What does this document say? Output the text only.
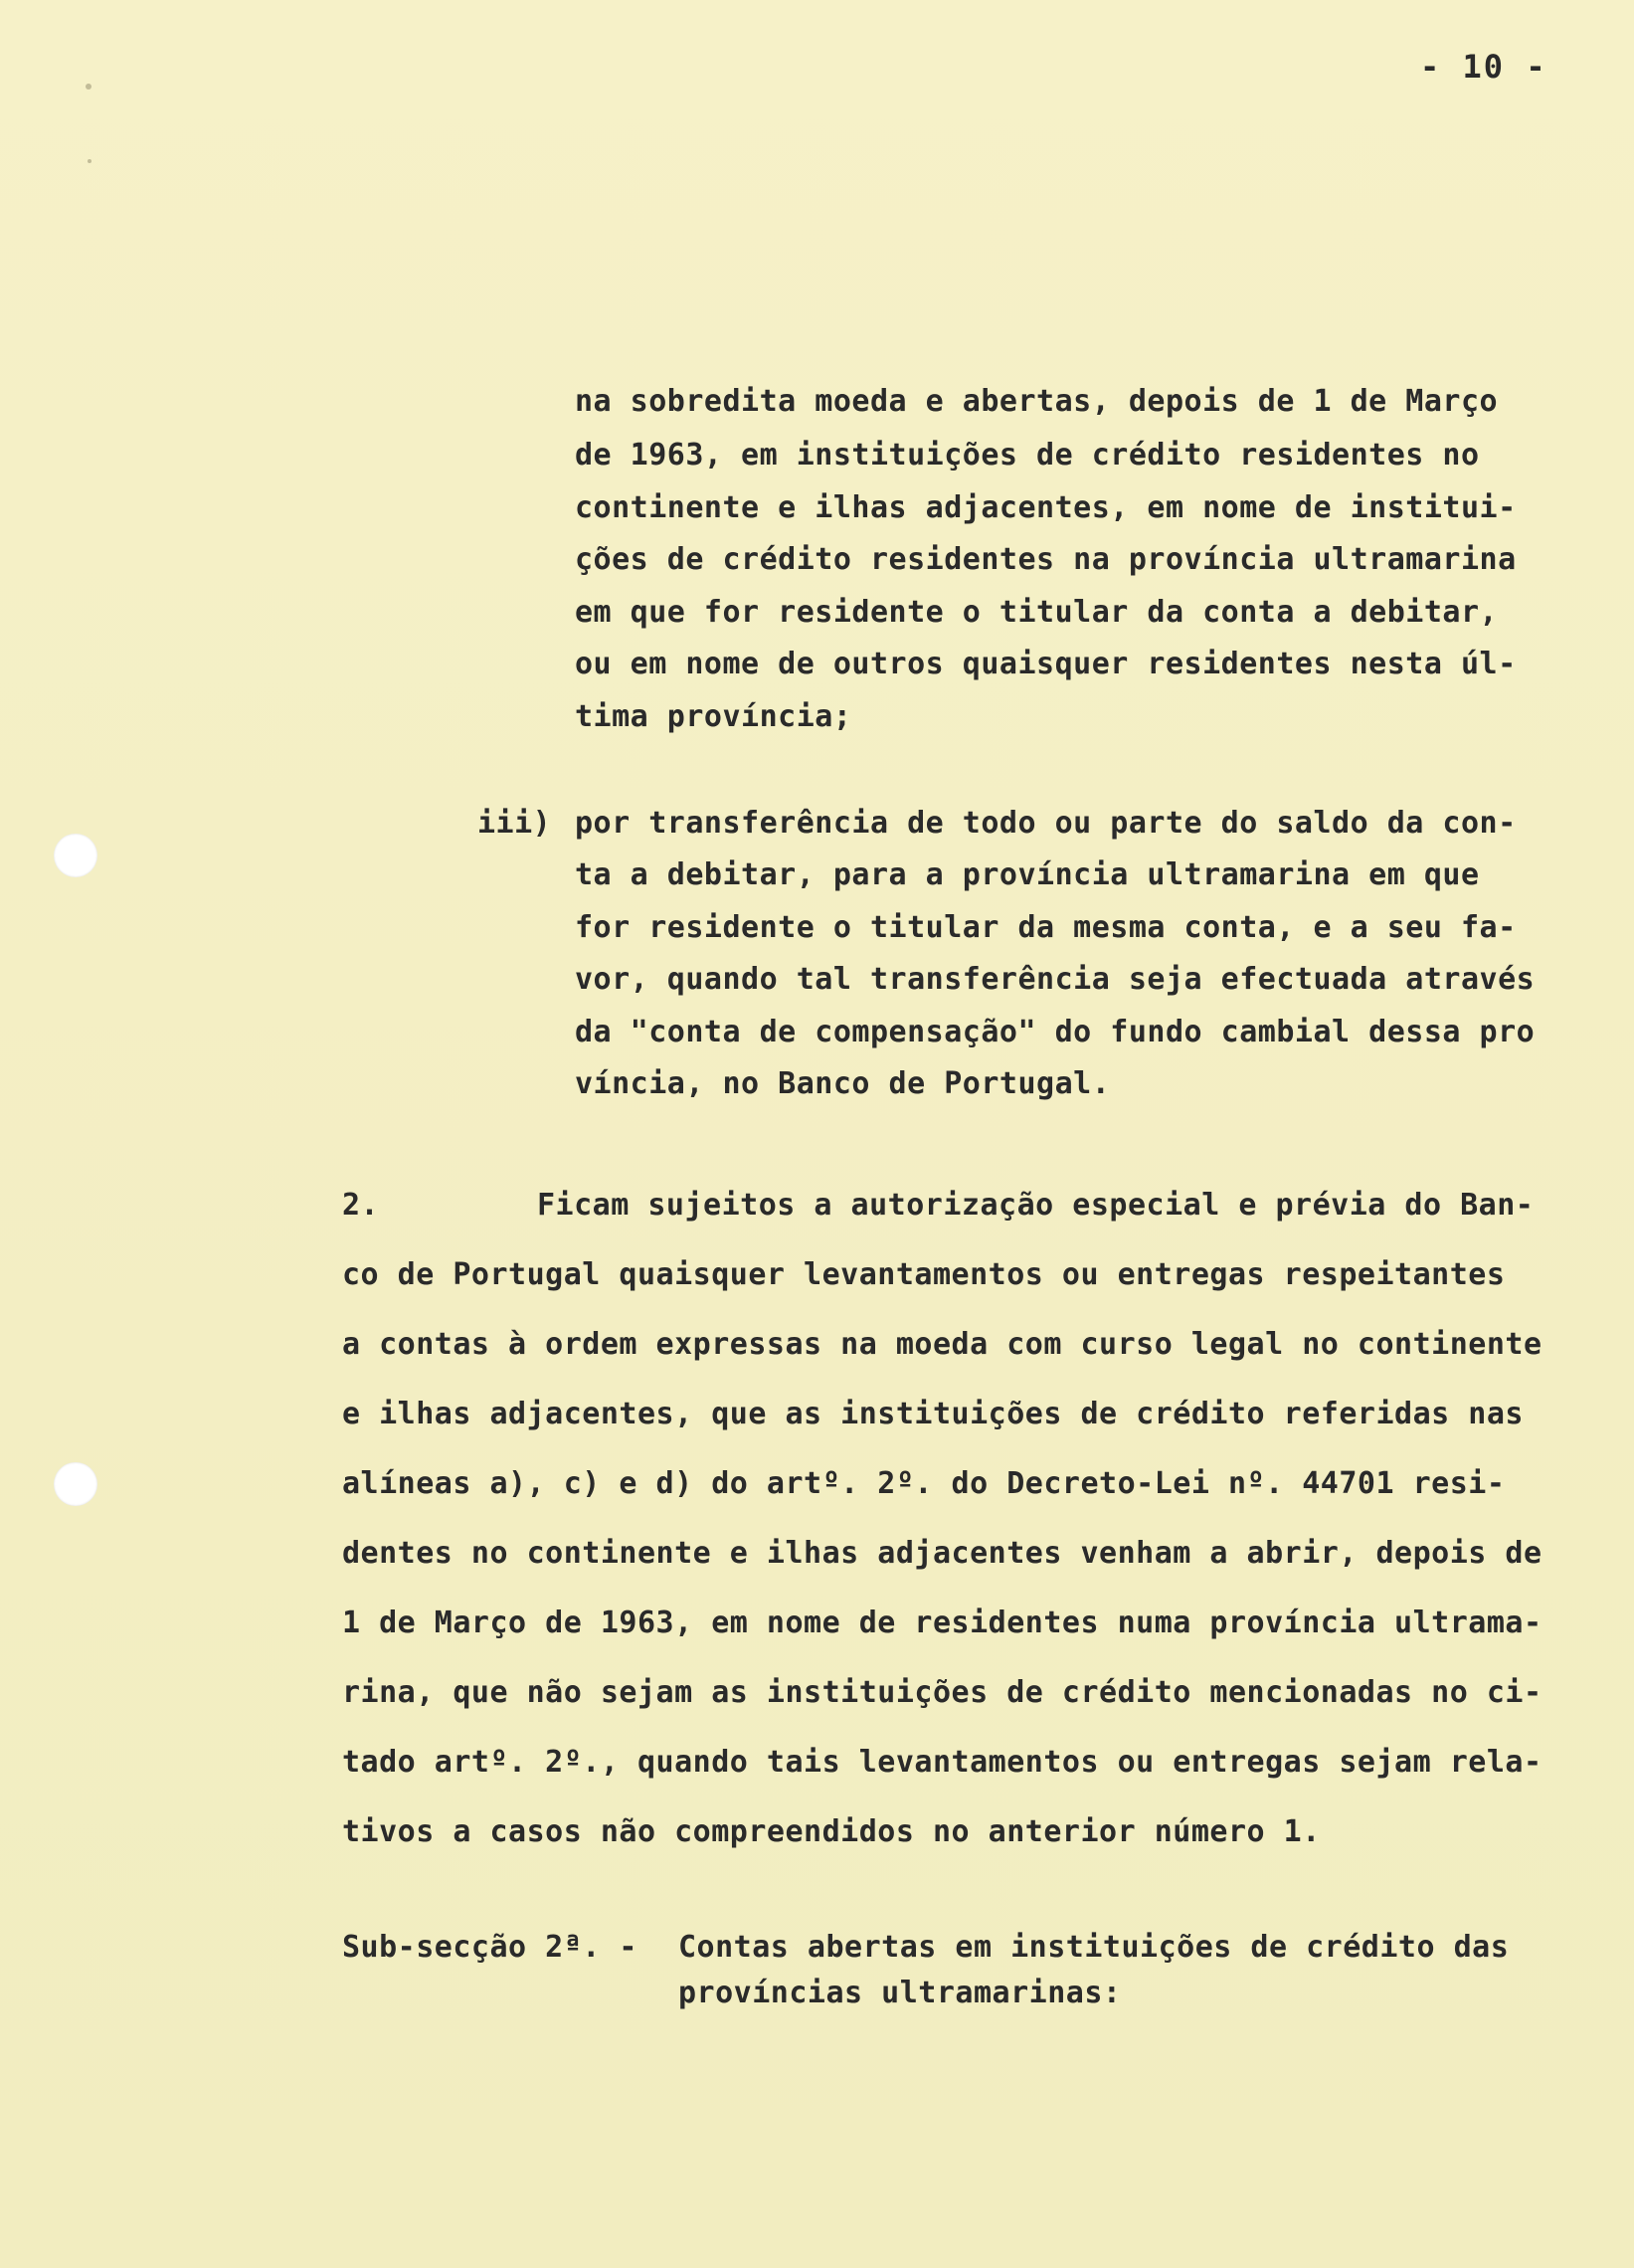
- 10 -
na sobredita moeda e abertas, depois de 1 de Março
de 1963, em instituições de crédito residentes no
continente e ilhas adjacentes, em nome de institui-
ções de crédito residentes na província ultramarina
em que for residente o titular da conta a debitar,
ou em nome de outros quaisquer residentes nesta úl-
tima província;
iii) por transferência de todo ou parte do saldo da con-
ta a debitar, para a província ultramarina em que
for residente o titular da mesma conta, e a seu fa-
vor, quando tal transferência seja efectuada através
da "conta de compensação" do fundo cambial dessa pro
víncia, no Banco de Portugal.
2.	Ficam sujeitos a autorização especial e prévia do Ban-
co de Portugal quaisquer levantamentos ou entregas respeitantes
a contas à ordem expressas na moeda com curso legal no continente
e ilhas adjacentes, que as instituições de crédito referidas nas
alíneas a), c) e d) do artº. 2º. do Decreto-Lei nº. 44701 resi-
dentes no continente e ilhas adjacentes venham a abrir, depois de
1 de Março de 1963, em nome de residentes numa província ultrama-
rina, que não sejam as instituições de crédito mencionadas no ci-
tado artº. 2º., quando tais levantamentos ou entregas sejam rela-
tivos a casos não compreendidos no anterior número 1.
Sub-secção 2ª. - Contas abertas em instituições de crédito das
províncias ultramarinas:
